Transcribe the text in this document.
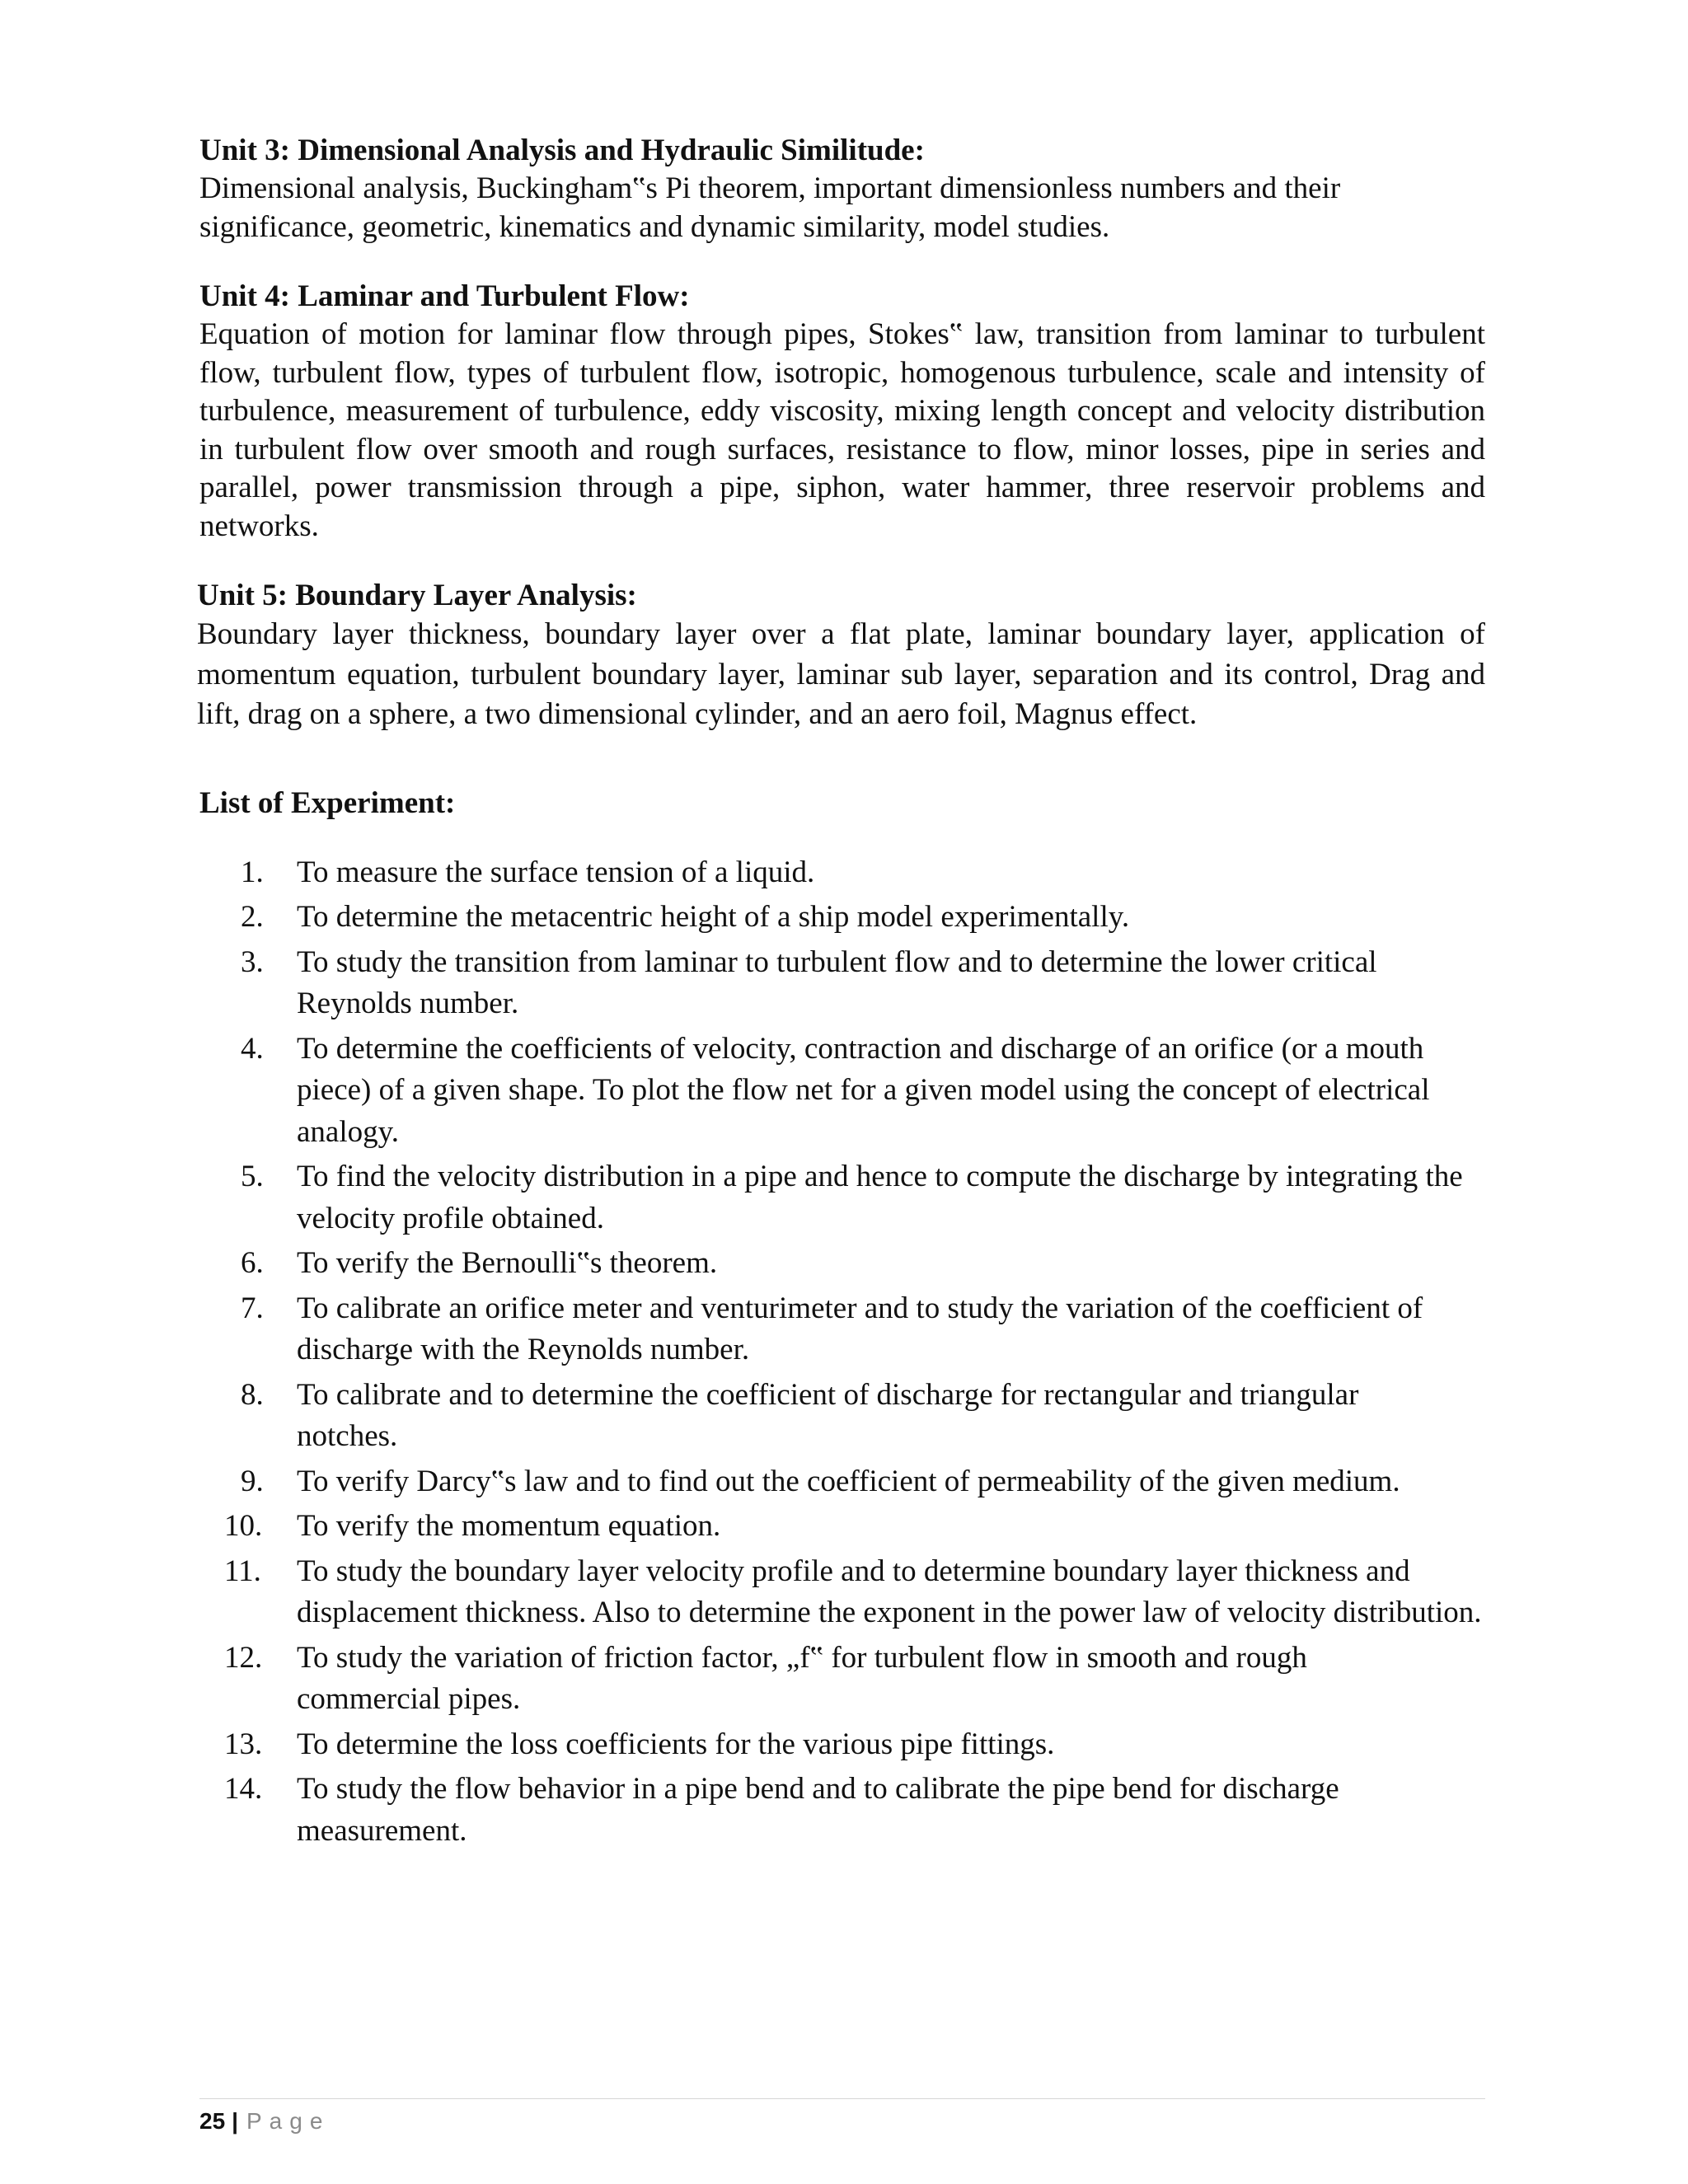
Unit 3: Dimensional Analysis and Hydraulic Similitude:

Dimensional analysis, Buckingham‟s Pi theorem, important dimensionless numbers and their significance, geometric, kinematics and dynamic similarity, model studies.

Unit 4: Laminar and Turbulent Flow:

Equation of motion for laminar flow through pipes, Stokes‟ law, transition from laminar to turbulent flow, turbulent flow, types of turbulent flow, isotropic, homogenous turbulence, scale and intensity of turbulence, measurement of turbulence, eddy viscosity, mixing length concept and velocity distribution in turbulent flow over smooth and rough surfaces, resistance to flow, minor losses, pipe in series and parallel, power transmission through a pipe, siphon, water hammer, three reservoir problems and networks.

Unit 5: Boundary Layer Analysis:

Boundary layer thickness, boundary layer over a flat plate, laminar boundary layer, application of momentum equation, turbulent boundary layer, laminar sub layer, separation and its control, Drag and lift, drag on a sphere, a two dimensional cylinder, and an aero foil, Magnus effect.

List of Experiment:

1. To measure the surface tension of a liquid.
2. To determine the metacentric height of a ship model experimentally.
3. To study the transition from laminar to turbulent flow and to determine the lower critical Reynolds number.
4. To determine the coefficients of velocity, contraction and discharge of an orifice (or a mouth piece) of a given shape. To plot the flow net for a given model using the concept of electrical analogy.
5. To find the velocity distribution in a pipe and hence to compute the discharge by integrating the velocity profile obtained.
6. To verify the Bernoulli‟s theorem.
7. To calibrate an orifice meter and venturimeter and to study the variation of the coefficient of discharge with the Reynolds number.
8. To calibrate and to determine the coefficient of discharge for rectangular and triangular notches.
9. To verify Darcy‟s law and to find out the coefficient of permeability of the given medium.
10. To verify the momentum equation.
11. To study the boundary layer velocity profile and to determine boundary layer thickness and displacement thickness. Also to determine the exponent in the power law of velocity distribution.
12. To study the variation of friction factor, „f‟ for turbulent flow in smooth and rough commercial pipes.
13. To determine the loss coefficients for the various pipe fittings.
14. To study the flow behavior in a pipe bend and to calibrate the pipe bend for discharge measurement.
25 | Page
